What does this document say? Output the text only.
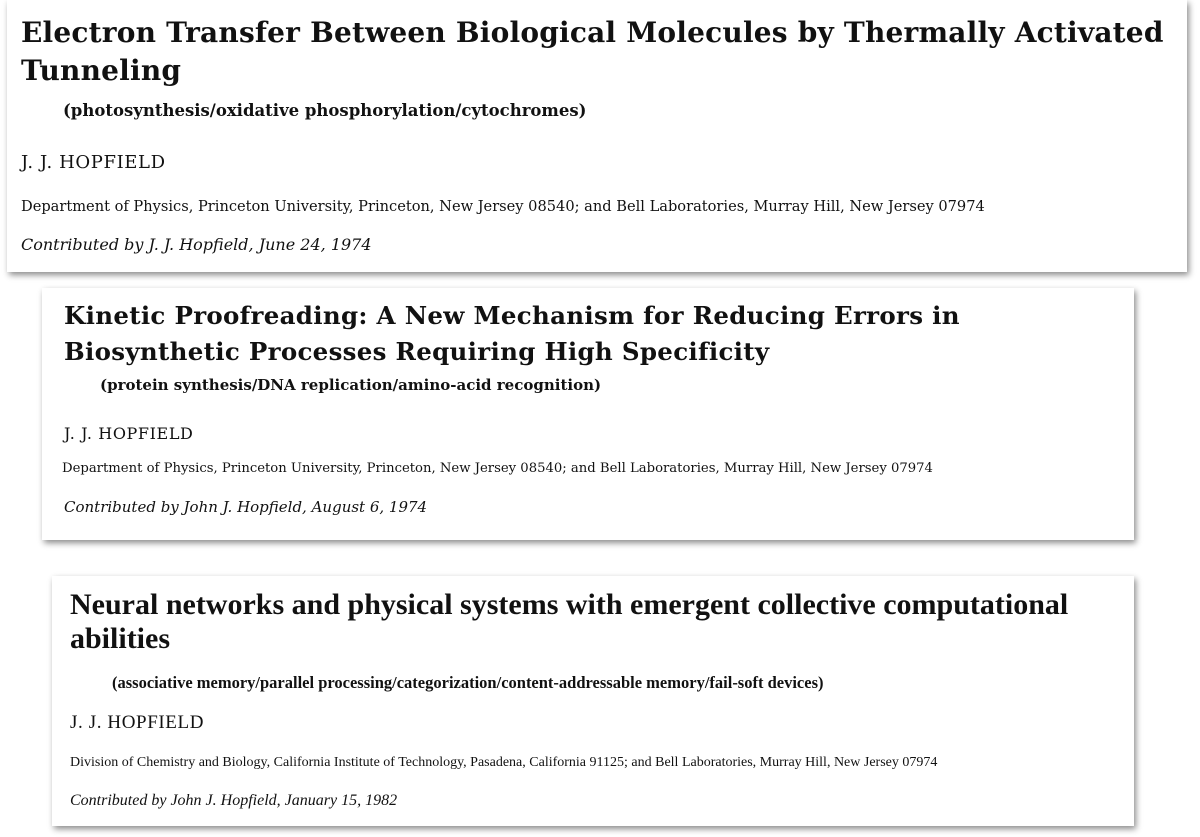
Electron Transfer Between Biological Molecules by Thermally Activated Tunneling
(photosynthesis/oxidative phosphorylation/cytochromes)
J. J. HOPFIELD
Department of Physics, Princeton University, Princeton, New Jersey 08540; and Bell Laboratories, Murray Hill, New Jersey 07974
Contributed by J. J. Hopfield, June 24, 1974
Kinetic Proofreading: A New Mechanism for Reducing Errors in Biosynthetic Processes Requiring High Specificity
(protein synthesis/DNA replication/amino-acid recognition)
J. J. HOPFIELD
Department of Physics, Princeton University, Princeton, New Jersey 08540; and Bell Laboratories, Murray Hill, New Jersey 07974
Contributed by John J. Hopfield, August 6, 1974
Neural networks and physical systems with emergent collective computational abilities
(associative memory/parallel processing/categorization/content-addressable memory/fail-soft devices)
J. J. HOPFIELD
Division of Chemistry and Biology, California Institute of Technology, Pasadena, California 91125; and Bell Laboratories, Murray Hill, New Jersey 07974
Contributed by John J. Hopfield, January 15, 1982
